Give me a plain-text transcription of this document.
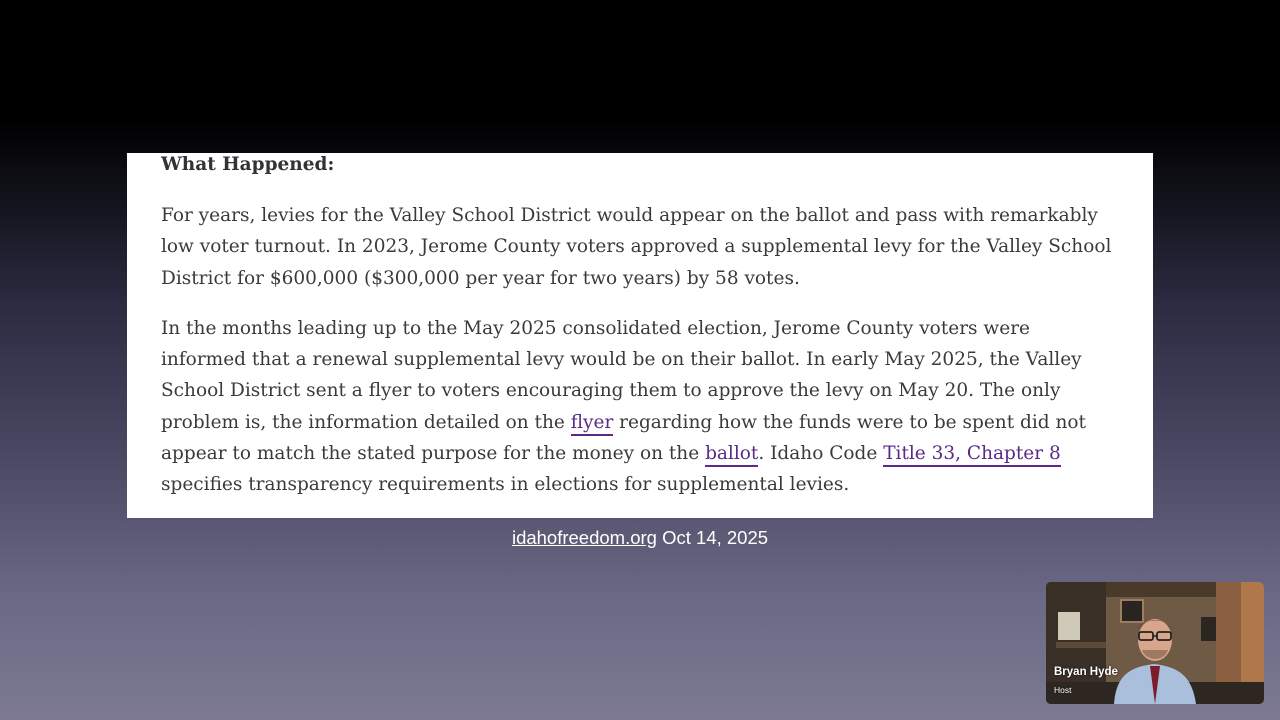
What Happened:

For years, levies for the Valley School District would appear on the ballot and pass with remarkably low voter turnout. In 2023, Jerome County voters approved a supplemental levy for the Valley School District for $600,000 ($300,000 per year for two years) by 58 votes.

In the months leading up to the May 2025 consolidated election, Jerome County voters were informed that a renewal supplemental levy would be on their ballot. In early May 2025, the Valley School District sent a flyer to voters encouraging them to approve the levy on May 20. The only problem is, the information detailed on the flyer regarding how the funds were to be spent did not appear to match the stated purpose for the money on the ballot. Idaho Code Title 33, Chapter 8 specifies transparency requirements in elections for supplemental levies.

idahofreedom.org Oct 14, 2025
Bryan Hyde
Host
